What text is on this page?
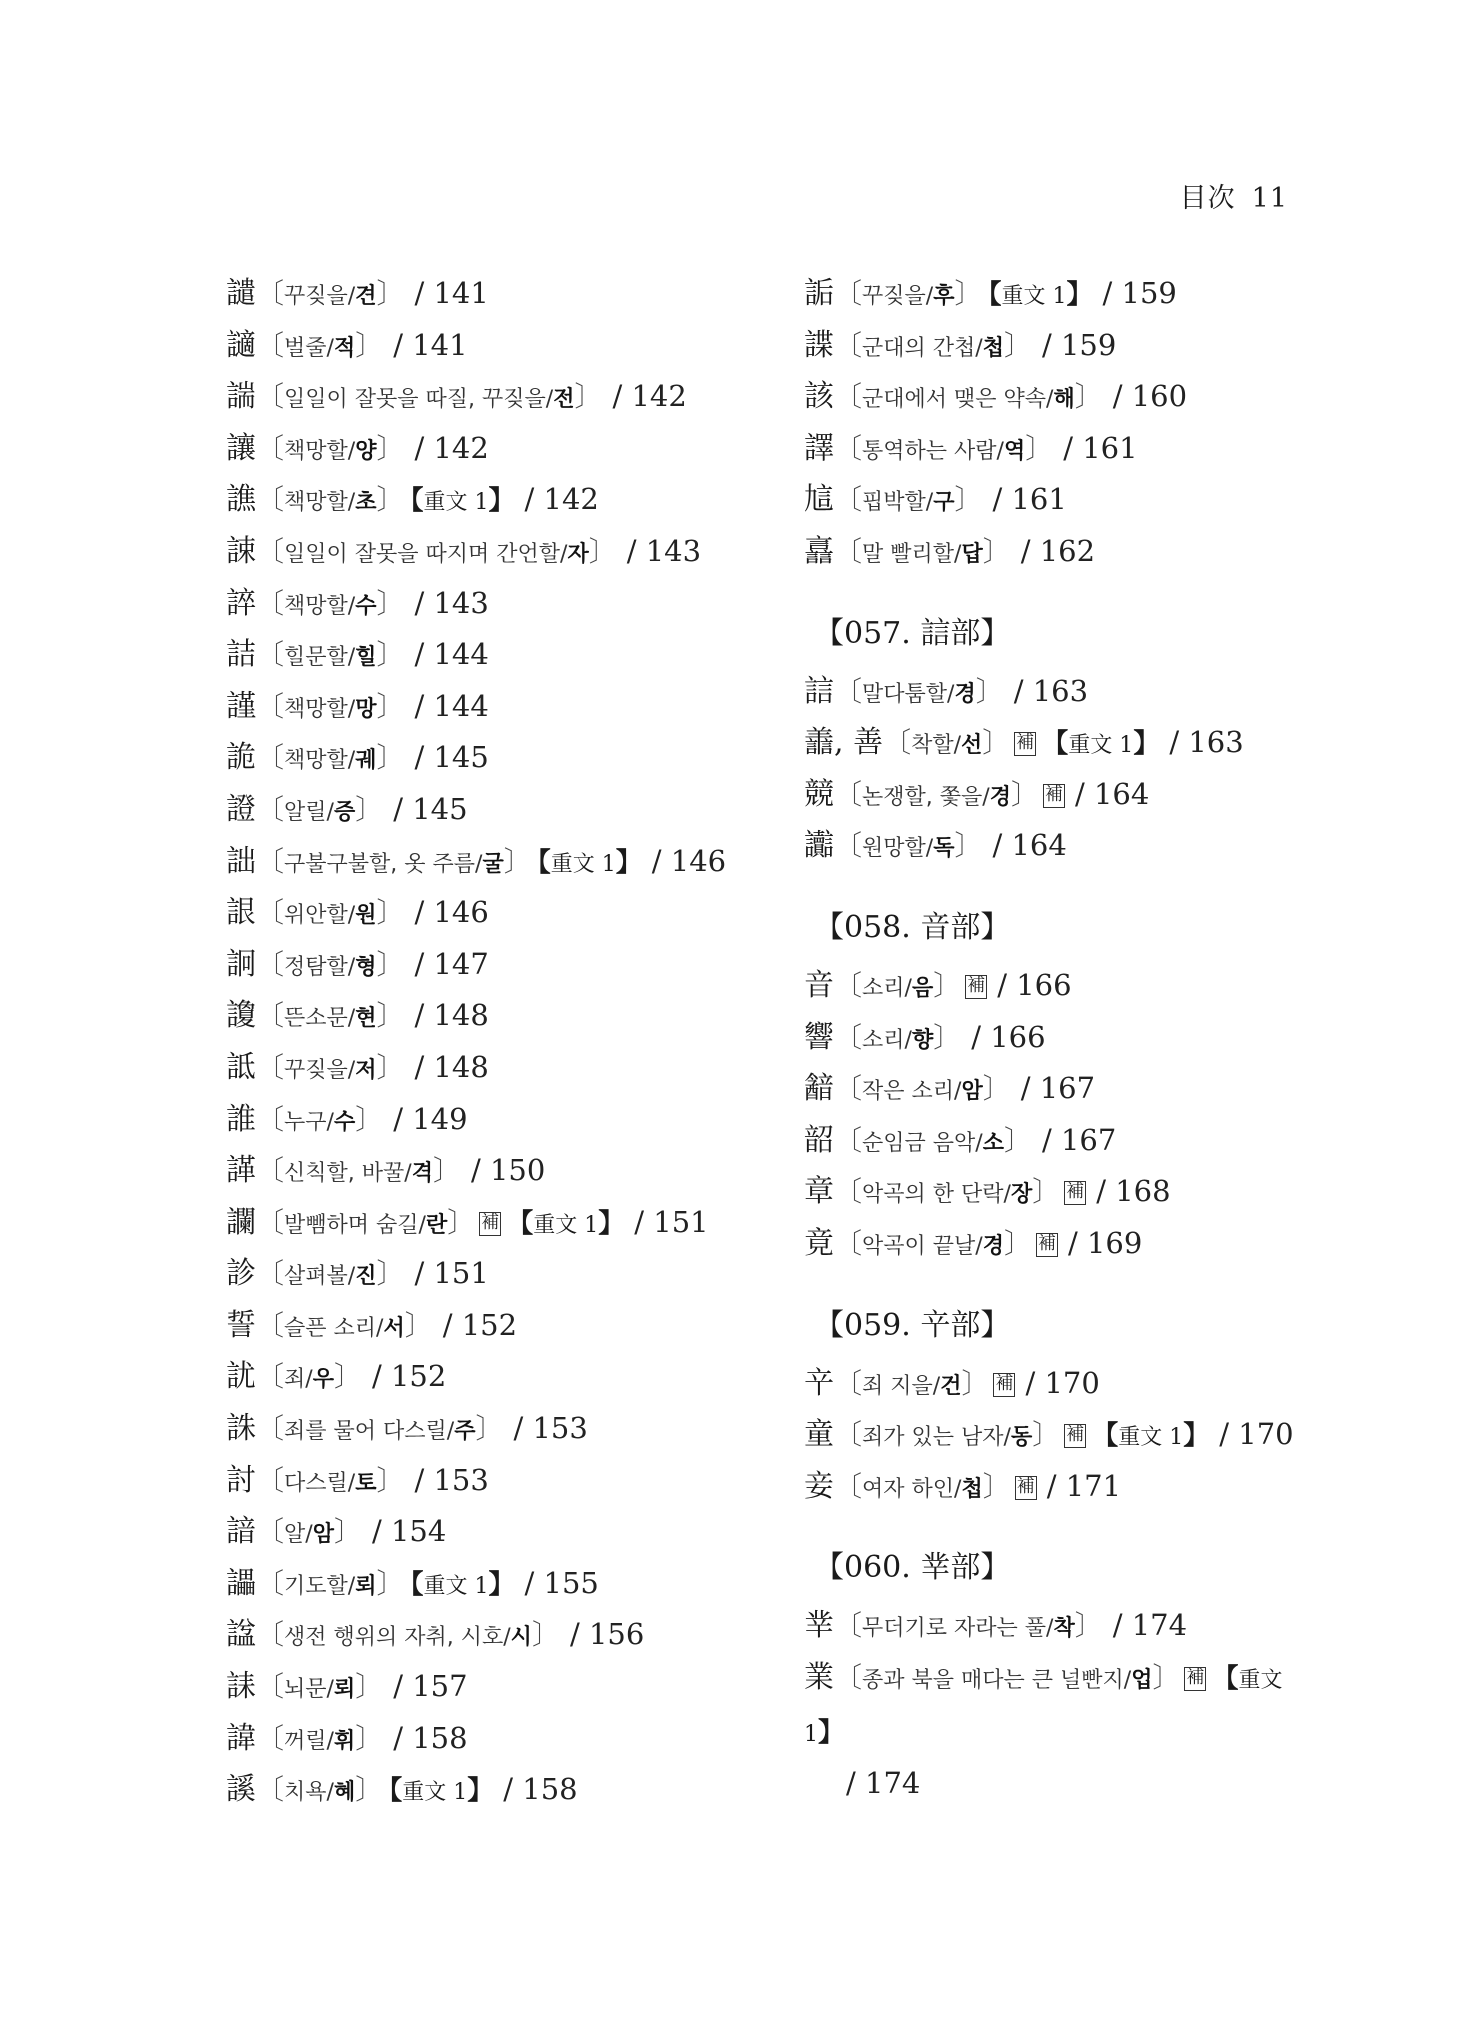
目次 11
譴〔꾸짖을/견〕 / 141
讁〔벌줄/적〕 / 141
諯〔일일이 잘못을 따질, 꾸짖을/전〕 / 142
讓〔책망할/양〕 / 142
譙〔책망할/초〕 【重文 1】 / 142
誎〔일일이 잘못을 따지며 간언할/자〕 / 143
誶〔책망할/수〕 / 143
詰〔힐문할/힐〕 / 144
謹〔책망할/망〕 / 144
詭〔책망할/궤〕 / 145
證〔알릴/증〕 / 145
詘〔구불구불할, 옷 주름/굴〕 【重文 1】 / 146
詪〔위안할/원〕 / 146
詗〔정탐할/형〕 / 147
讂〔뜬소문/현〕 / 148
詆〔꾸짖을/저〕 / 148
誰〔누구/수〕 / 149
諽〔신칙할, 바꿀/격〕 / 150
讕〔발뺌하며 숨길/란〕 補 【重文 1】 / 151
診〔살펴볼/진〕 / 151
誓〔슬픈 소리/서〕 / 152
訧〔죄/우〕 / 152
誅〔죄를 물어 다스릴/주〕 / 153
討〔다스릴/토〕 / 153
諳〔알/암〕 / 154
讄〔기도할/뢰〕 【重文 1】 / 155
諡〔생전 행위의 자취, 시호/시〕 / 156
誄〔뇌문/뢰〕 / 157
諱〔꺼릴/휘〕 / 158
謑〔치욕/혜〕 【重文 1】 / 158
詬〔꾸짖을/후〕 【重文 1】 / 159
諜〔군대의 간첩/첩〕 / 159
該〔군대에서 맺은 약속/해〕 / 160
譯〔통역하는 사람/역〕 / 161
訄〔핍박할/구〕 / 161
譶〔말 빨리할/답〕 / 162
【057. 誩部】
誩〔말다툼할/경〕 / 163
譱, 善〔착할/선〕 補 【重文 1】 / 163
競〔논쟁할, 쫓을/경〕 補 / 164
讟〔원망할/독〕 / 164
【058. 音部】
音〔소리/음〕 補 / 166
響〔소리/향〕 / 166
韽〔작은 소리/암〕 / 167
韶〔순임금 음악/소〕 / 167
章〔악곡의 한 단락/장〕 補 / 168
竟〔악곡이 끝날/경〕 補 / 169
【059. 䇂部】
䇂〔죄 지을/건〕 補 / 170
童〔죄가 있는 남자/동〕 補 【重文 1】 / 170
妾〔여자 하인/첩〕 補 / 171
【060. 丵部】
丵〔무더기로 자라는 풀/착〕 / 174
業〔종과 북을 매다는 큰 널빤지/업〕 補 【重文 1】
/ 174
